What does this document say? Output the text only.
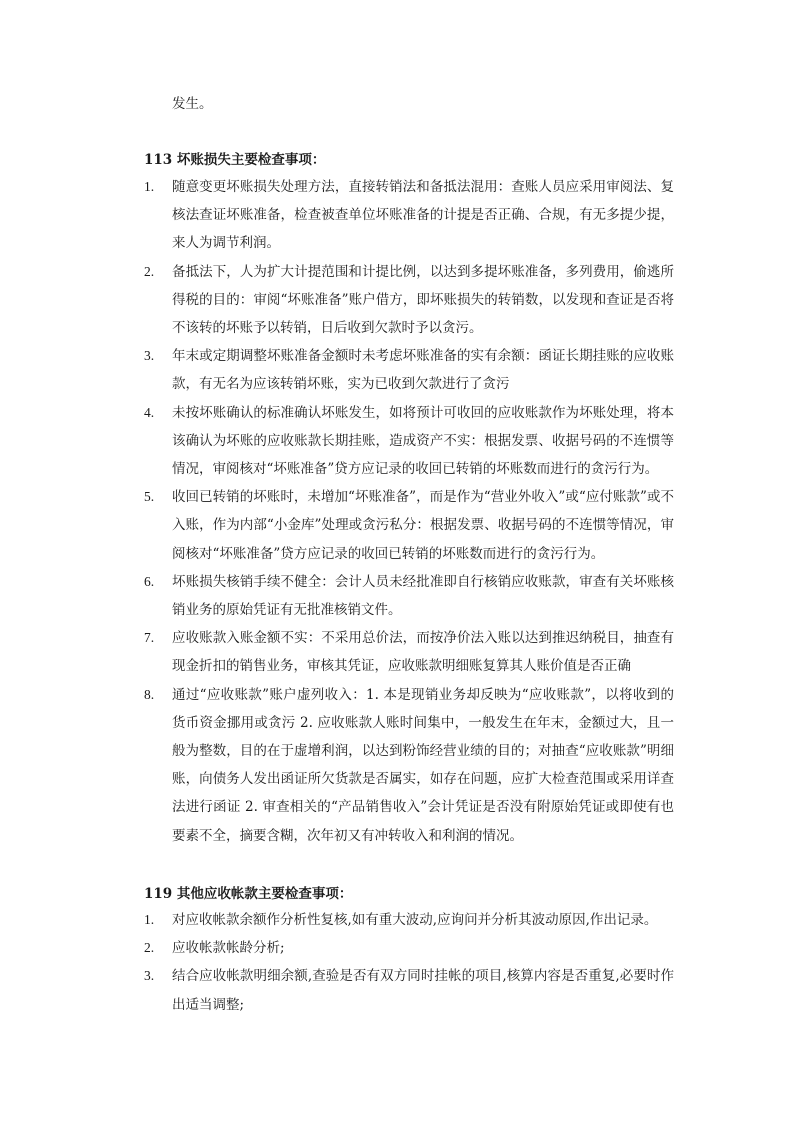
发生。
113 坏账损失主要检查事项：
1. 随意变更坏账损失处理方法，直接转销法和备抵法混用：查账人员应采用审阅法、复核法查证坏账准备，检查被查单位坏账准备的计提是否正确、合规，有无多提少提，来人为调节利润。
2. 备抵法下，人为扩大计提范围和计提比例，以达到多提坏账准备，多列费用，偷逃所得税的目的：审阅“坏账准备”账户借方，即坏账损失的转销数，以发现和查证是否将不该转的坏账予以转销，日后收到欠款时予以贪污。
3. 年末或定期调整坏账准备金额时未考虑坏账准备的实有余额：函证长期挂账的应收账款，有无名为应该转销坏账，实为已收到欠款进行了贪污
4. 未按坏账确认的标准确认坏账发生，如将预计可收回的应收账款作为坏账处理，将本该确认为坏账的应收账款长期挂账，造成资产不实：根据发票、收据号码的不连惯等情况，审阅核对“坏账准备”贷方应记录的收回已转销的坏账数而进行的贪污行为。
5. 收回已转销的坏账时，未增加“坏账准备”，而是作为“营业外收入”或“应付账款”或不入账，作为内部“小金库”处理或贪污私分：根据发票、收据号码的不连惯等情况，审阅核对“坏账准备”贷方应记录的收回已转销的坏账数而进行的贪污行为。
6. 坏账损失核销手续不健全：会计人员未经批准即自行核销应收账款，审查有关坏账核销业务的原始凭证有无批准核销文件。
7. 应收账款入账金额不实：不采用总价法，而按净价法入账以达到推迟纳税目，抽查有现金折扣的销售业务，审核其凭证，应收账款明细账复算其人账价值是否正确
8. 通过“应收账款”账户虚列收入：1. 本是现销业务却反映为“应收账款”，以将收到的货币资金挪用或贪污 2. 应收账款人账时间集中，一般发生在年末，金额过大，且一般为整数，目的在于虚增利润，以达到粉饰经营业绩的目的；对抽查“应收账款”明细账，向债务人发出函证所欠货款是否属实，如存在问题，应扩大检查范围或采用详查法进行函证 2. 审查相关的“产品销售收入”会计凭证是否没有附原始凭证或即使有也要素不全，摘要含糊，次年初又有冲转收入和利润的情况。
119 其他应收帐款主要检查事项：
1. 对应收帐款余额作分析性复核,如有重大波动,应询问并分析其波动原因,作出记录。
2. 应收帐款帐龄分析;
3. 结合应收帐款明细余额,查验是否有双方同时挂帐的项目,核算内容是否重复,必要时作出适当调整;
